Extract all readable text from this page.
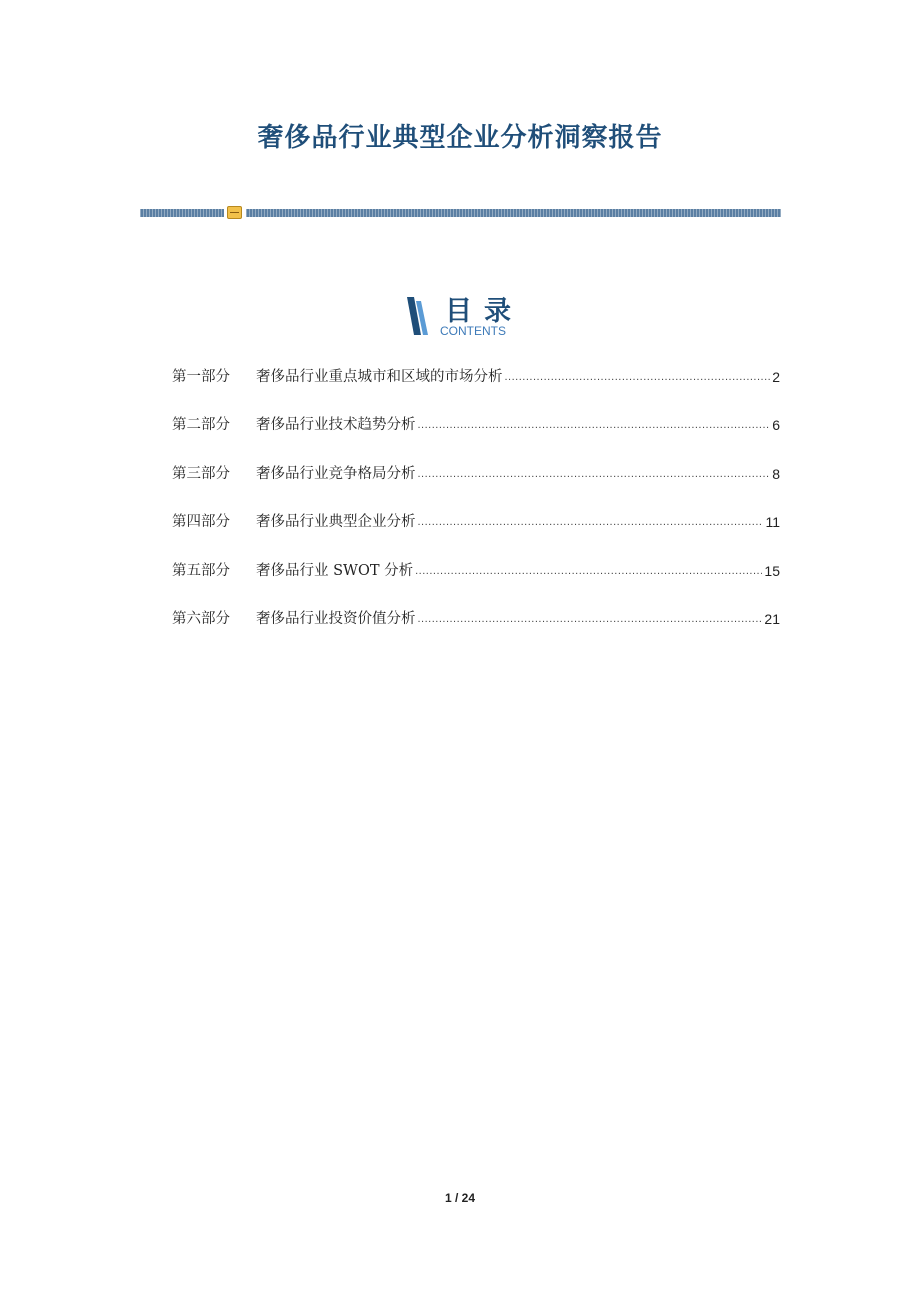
奢侈品行业典型企业分析洞察报告
目录
CONTENTS
第一部分	奢侈品行业重点城市和区域的市场分析 .....	2
第二部分	奢侈品行业技术趋势分析 .....	6
第三部分	奢侈品行业竞争格局分析 .....	8
第四部分	奢侈品行业典型企业分析 .....	11
第五部分	奢侈品行业 SWOT 分析 .....	15
第六部分	奢侈品行业投资价值分析 .....	21
1 / 24
